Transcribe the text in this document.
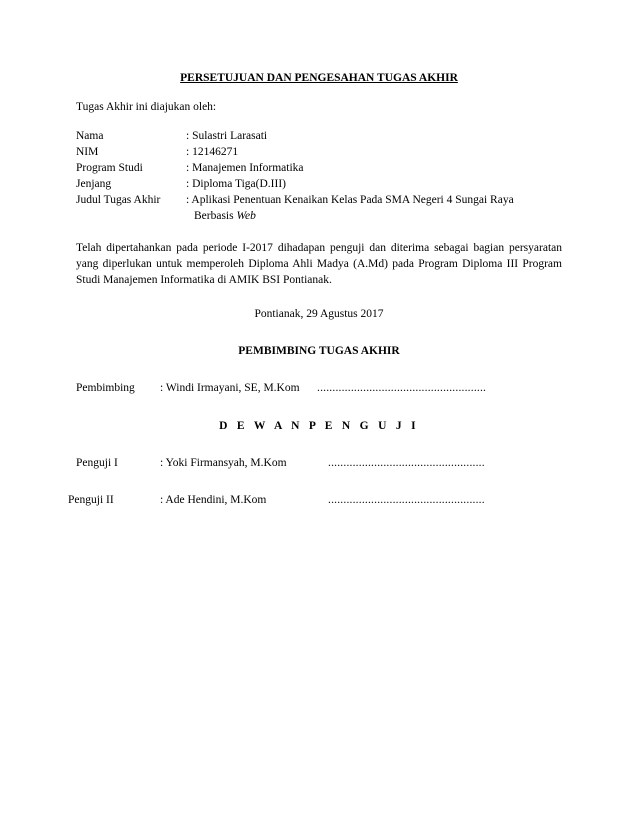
PERSETUJUAN DAN PENGESAHAN TUGAS AKHIR
Tugas Akhir ini diajukan oleh:
Nama	: Sulastri Larasati
NIM	: 12146271
Program Studi	: Manajemen Informatika
Jenjang	: Diploma Tiga(D.III)
Judul Tugas Akhir : Aplikasi Penentuan Kenaikan Kelas Pada SMA Negeri 4 Sungai Raya
Berbasis Web
Telah dipertahankan pada periode I-2017 dihadapan penguji dan diterima sebagai bagian persyaratan yang diperlukan untuk memperoleh Diploma Ahli Madya (A.Md) pada Program Diploma III Program Studi Manajemen Informatika di AMIK BSI Pontianak.
Pontianak, 29 Agustus 2017
PEMBIMBING TUGAS AKHIR
Pembimbing : Windi Irmayani, SE, M.Kom .......................................................
D E W A N P E N G U J I
Penguji I	: Yoki Firmansyah, M.Kom	...................................................
Penguji II	: Ade Hendini, M.Kom	...................................................
